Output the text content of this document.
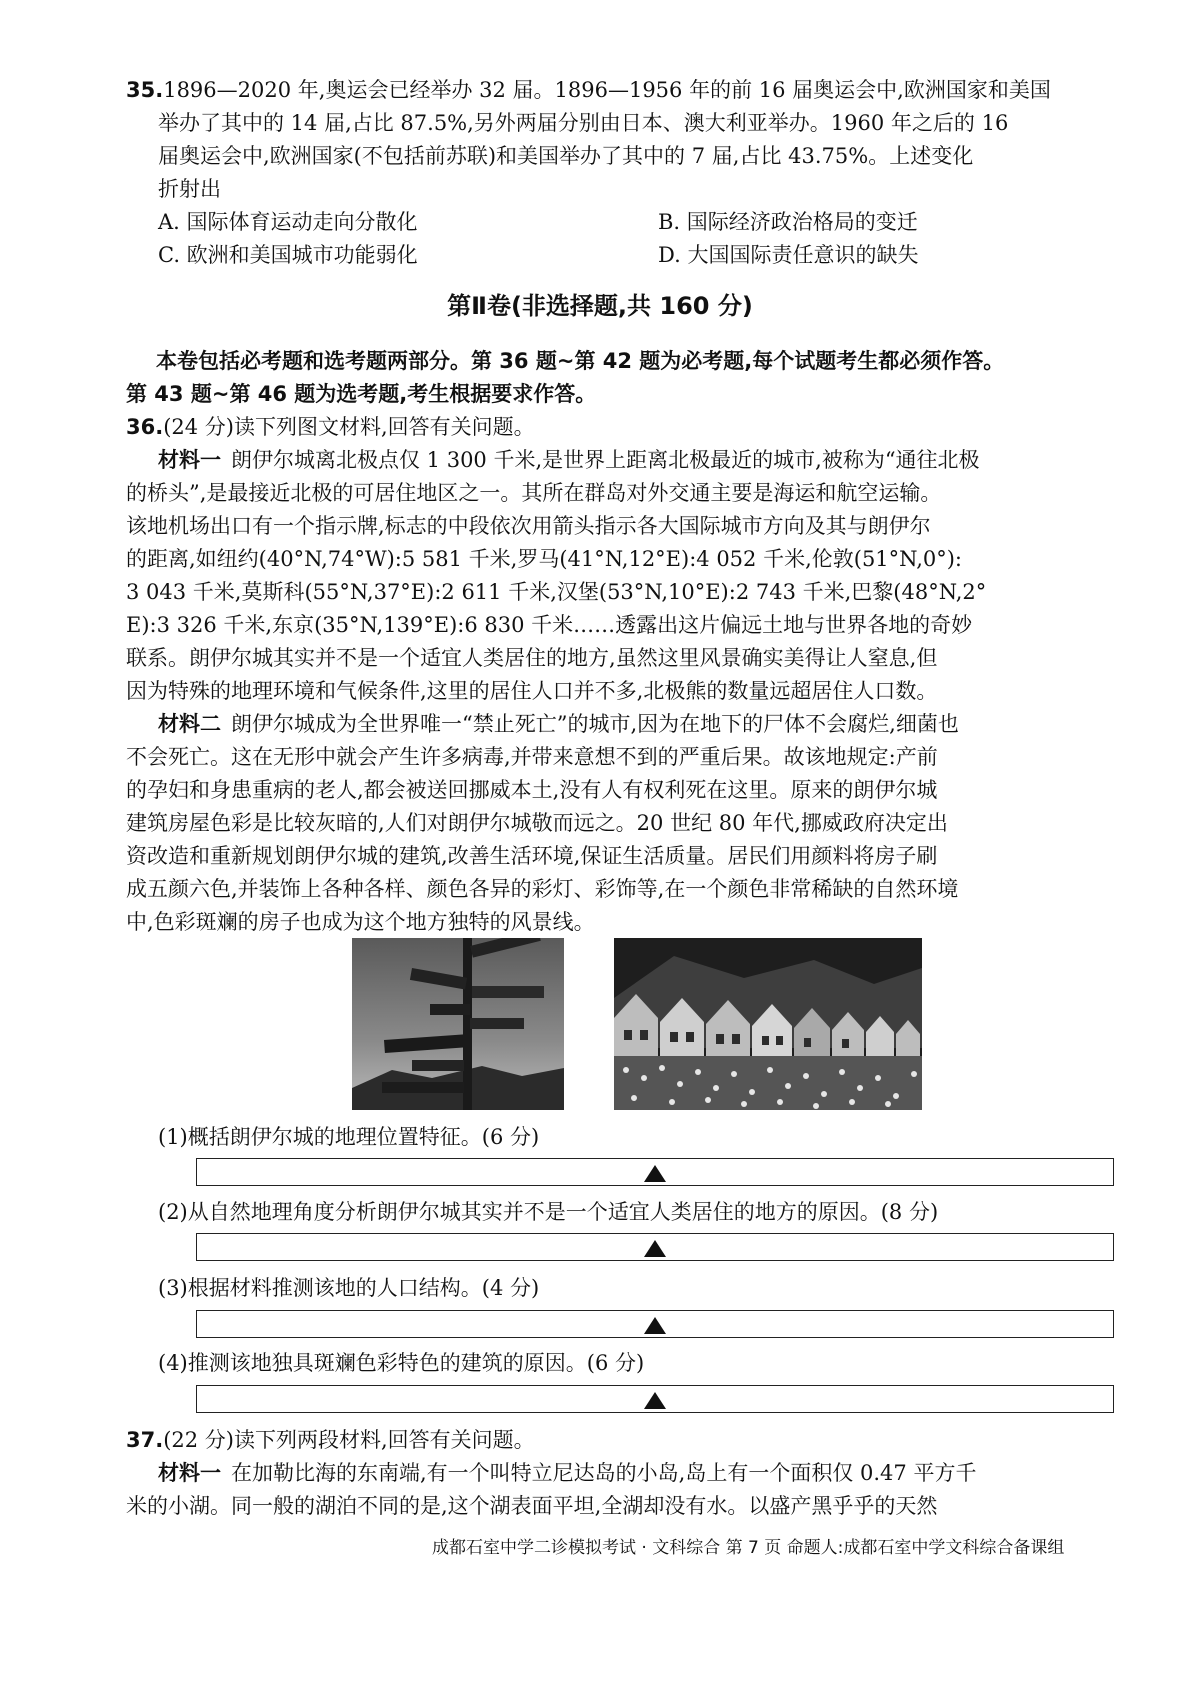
35.1896—2020 年,奥运会已经举办 32 届。1896—1956 年的前 16 届奥运会中,欧洲国家和美国
举办了其中的 14 届,占比 87.5%,另外两届分别由日本、澳大利亚举办。1960 年之后的 16
届奥运会中,欧洲国家(不包括前苏联)和美国举办了其中的 7 届,占比 43.75%。上述变化
折射出
A. 国际体育运动走向分散化	B. 国际经济政治格局的变迁
C. 欧洲和美国城市功能弱化	D. 大国国际责任意识的缺失
第Ⅱ卷(非选择题,共 160 分)
本卷包括必考题和选考题两部分。第 36 题~第 42 题为必考题,每个试题考生都必须作答。
第 43 题~第 46 题为选考题,考生根据要求作答。
36.(24 分)读下列图文材料,回答有关问题。
材料一 朗伊尔城离北极点仅 1 300 千米,是世界上距离北极最近的城市,被称为“通往北极
的桥头”,是最接近北极的可居住地区之一。其所在群岛对外交通主要是海运和航空运输。
该地机场出口有一个指示牌,标志的中段依次用箭头指示各大国际城市方向及其与朗伊尔
的距离,如纽约(40°N,74°W):5 581 千米,罗马(41°N,12°E):4 052 千米,伦敦(51°N,0°):
3 043 千米,莫斯科(55°N,37°E):2 611 千米,汉堡(53°N,10°E):2 743 千米,巴黎(48°N,2°
E):3 326 千米,东京(35°N,139°E):6 830 千米……透露出这片偏远土地与世界各地的奇妙
联系。朗伊尔城其实并不是一个适宜人类居住的地方,虽然这里风景确实美得让人窒息,但
因为特殊的地理环境和气候条件,这里的居住人口并不多,北极熊的数量远超居住人口数。
材料二 朗伊尔城成为全世界唯一“禁止死亡”的城市,因为在地下的尸体不会腐烂,细菌也
不会死亡。这在无形中就会产生许多病毒,并带来意想不到的严重后果。故该地规定:产前
的孕妇和身患重病的老人,都会被送回挪威本土,没有人有权利死在这里。原来的朗伊尔城
建筑房屋色彩是比较灰暗的,人们对朗伊尔城敬而远之。20 世纪 80 年代,挪威政府决定出
资改造和重新规划朗伊尔城的建筑,改善生活环境,保证生活质量。居民们用颜料将房子刷
成五颜六色,并装饰上各种各样、颜色各异的彩灯、彩饰等,在一个颜色非常稀缺的自然环境
中,色彩斑斓的房子也成为这个地方独特的风景线。
(1)概括朗伊尔城的地理位置特征。(6 分)
(2)从自然地理角度分析朗伊尔城其实并不是一个适宜人类居住的地方的原因。(8 分)
(3)根据材料推测该地的人口结构。(4 分)
(4)推测该地独具斑斓色彩特色的建筑的原因。(6 分)
37.(22 分)读下列两段材料,回答有关问题。
材料一 在加勒比海的东南端,有一个叫特立尼达岛的小岛,岛上有一个面积仅 0.47 平方千
米的小湖。同一般的湖泊不同的是,这个湖表面平坦,全湖却没有水。以盛产黑乎乎的天然
成都石室中学二诊模拟考试 · 文科综合 第 7 页 命题人:成都石室中学文科综合备课组
